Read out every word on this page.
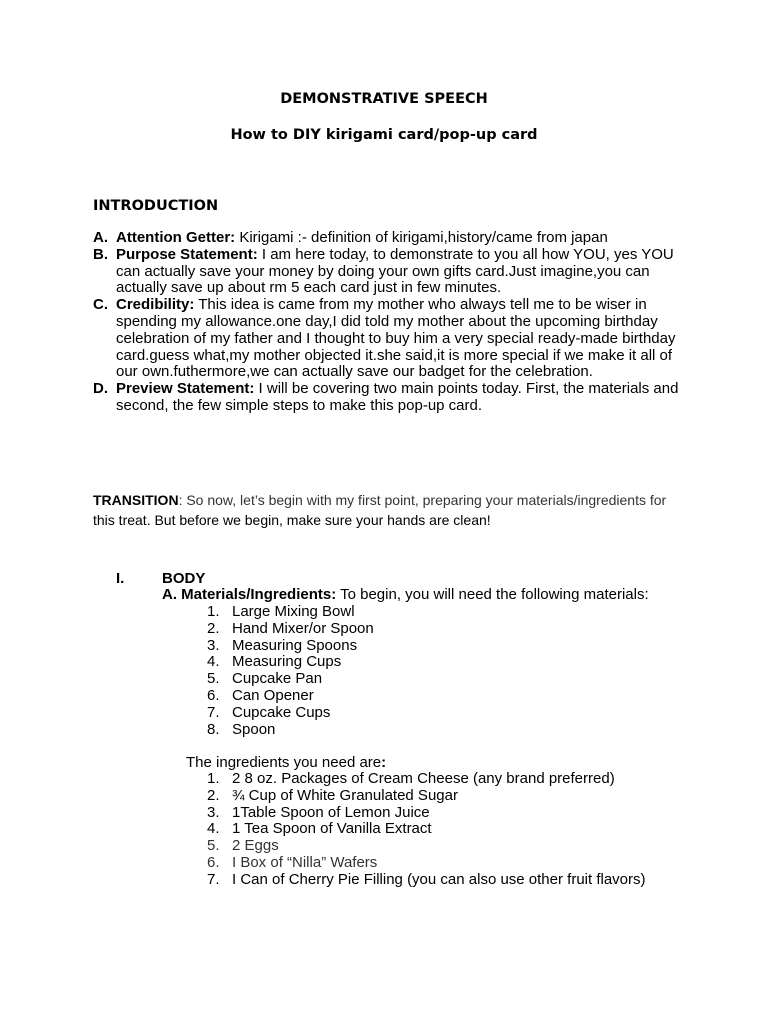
DEMONSTRATIVE SPEECH
How to DIY kirigami card/pop-up card
INTRODUCTION
A. Attention Getter: Kirigami :- definition of kirigami,history/came from japan
B. Purpose Statement: I am here today, to demonstrate to you all how YOU, yes YOU can actually save your money by doing your own gifts card.Just imagine,you can actually save up about rm 5 each card just in few minutes.
C. Credibility: This idea is came from my mother who always tell me to be wiser in spending my allowance.one day,I did told my mother about the upcoming birthday celebration of my father and I thought to buy him a very special ready-made birthday card.guess what,my mother objected it.she said,it is more special if we make it all of our own.futhermore,we can actually save our badget for the celebration.
D. Preview Statement: I will be covering two main points today. First, the materials and second, the few simple steps to make this pop-up card.
TRANSITION: So now, let’s begin with my first point, preparing your materials/ingredients for
this treat. But before we begin, make sure your hands are clean!
I.	BODY
A. Materials/Ingredients: To begin, you will need the following materials:
1. Large Mixing Bowl
2. Hand Mixer/or Spoon
3. Measuring Spoons
4. Measuring Cups
5. Cupcake Pan
6. Can Opener
7. Cupcake Cups
8. Spoon
The ingredients you need are:
1. 2 8 oz. Packages of Cream Cheese (any brand preferred)
2. ¾ Cup of White Granulated Sugar
3. 1Table Spoon of Lemon Juice
4. 1 Tea Spoon of Vanilla Extract
5. 2 Eggs
6. I Box of “Nilla” Wafers
7. I Can of Cherry Pie Filling (you can also use other fruit flavors)
